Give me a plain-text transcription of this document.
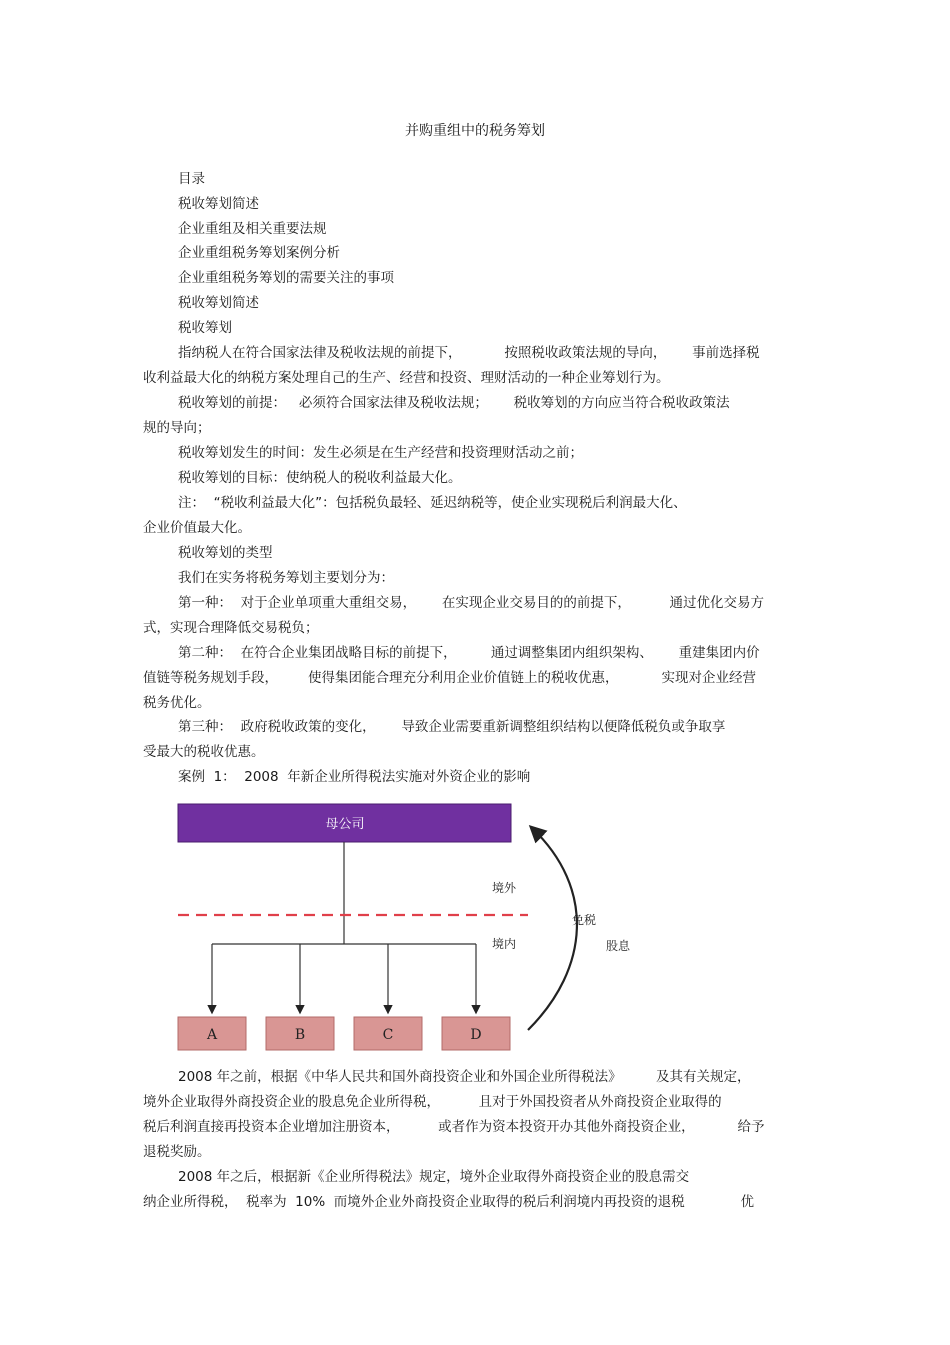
并购重组中的税务筹划
目录
税收筹划简述
企业重组及相关重要法规
企业重组税务筹划案例分析
企业重组税务筹划的需要关注的事项
税收筹划简述
税收筹划
指纳税人在符合国家法律及税收法规的前提下，          按照税收政策法规的导向，      事前选择税
收利益最大化的纳税方案处理自己的生产、经营和投资、理财活动的一种企业筹划行为。
税收筹划的前提：   必须符合国家法律及税收法规；      税收筹划的方向应当符合税收政策法
规的导向；
税收筹划发生的时间：发生必须是在生产经营和投资理财活动之前；
税收筹划的目标：使纳税人的税收利益最大化。
注：  “税收利益最大化”：包括税负最轻、延迟纳税等，使企业实现税后利润最大化、
企业价值最大化。
税收筹划的类型
我们在实务将税务筹划主要划分为：
第一种：  对于企业单项重大重组交易，      在实现企业交易目的的前提下，         通过优化交易方
式，实现合理降低交易税负；
第二种：  在符合企业集团战略目标的前提下，        通过调整集团内组织架构、      重建集团内价
值链等税务规划手段，       使得集团能合理充分利用企业价值链上的税收优惠，          实现对企业经营
税务优化。
第三种：  政府税收政策的变化，      导致企业需要重新调整组织结构以便降低税负或争取享
受最大的税收优惠。
案例  1：  2008  年新企业所得税法实施对外资企业的影响
母公司
境外
境内
A	B	C	D
免税
股息
2008 年之前，根据《中华人民共和国外商投资企业和外国企业所得税法》        及其有关规定，
境外企业取得外商投资企业的股息免企业所得税，         且对于外国投资者从外商投资企业取得的
税后利润直接再投资本企业增加注册资本，         或者作为资本投资开办其他外商投资企业，          给予
退税奖励。
2008 年之后，根据新《企业所得税法》规定，境外企业取得外商投资企业的股息需交
纳企业所得税，  税率为  10%  而境外企业外商投资企业取得的税后利润境内再投资的退税             优
